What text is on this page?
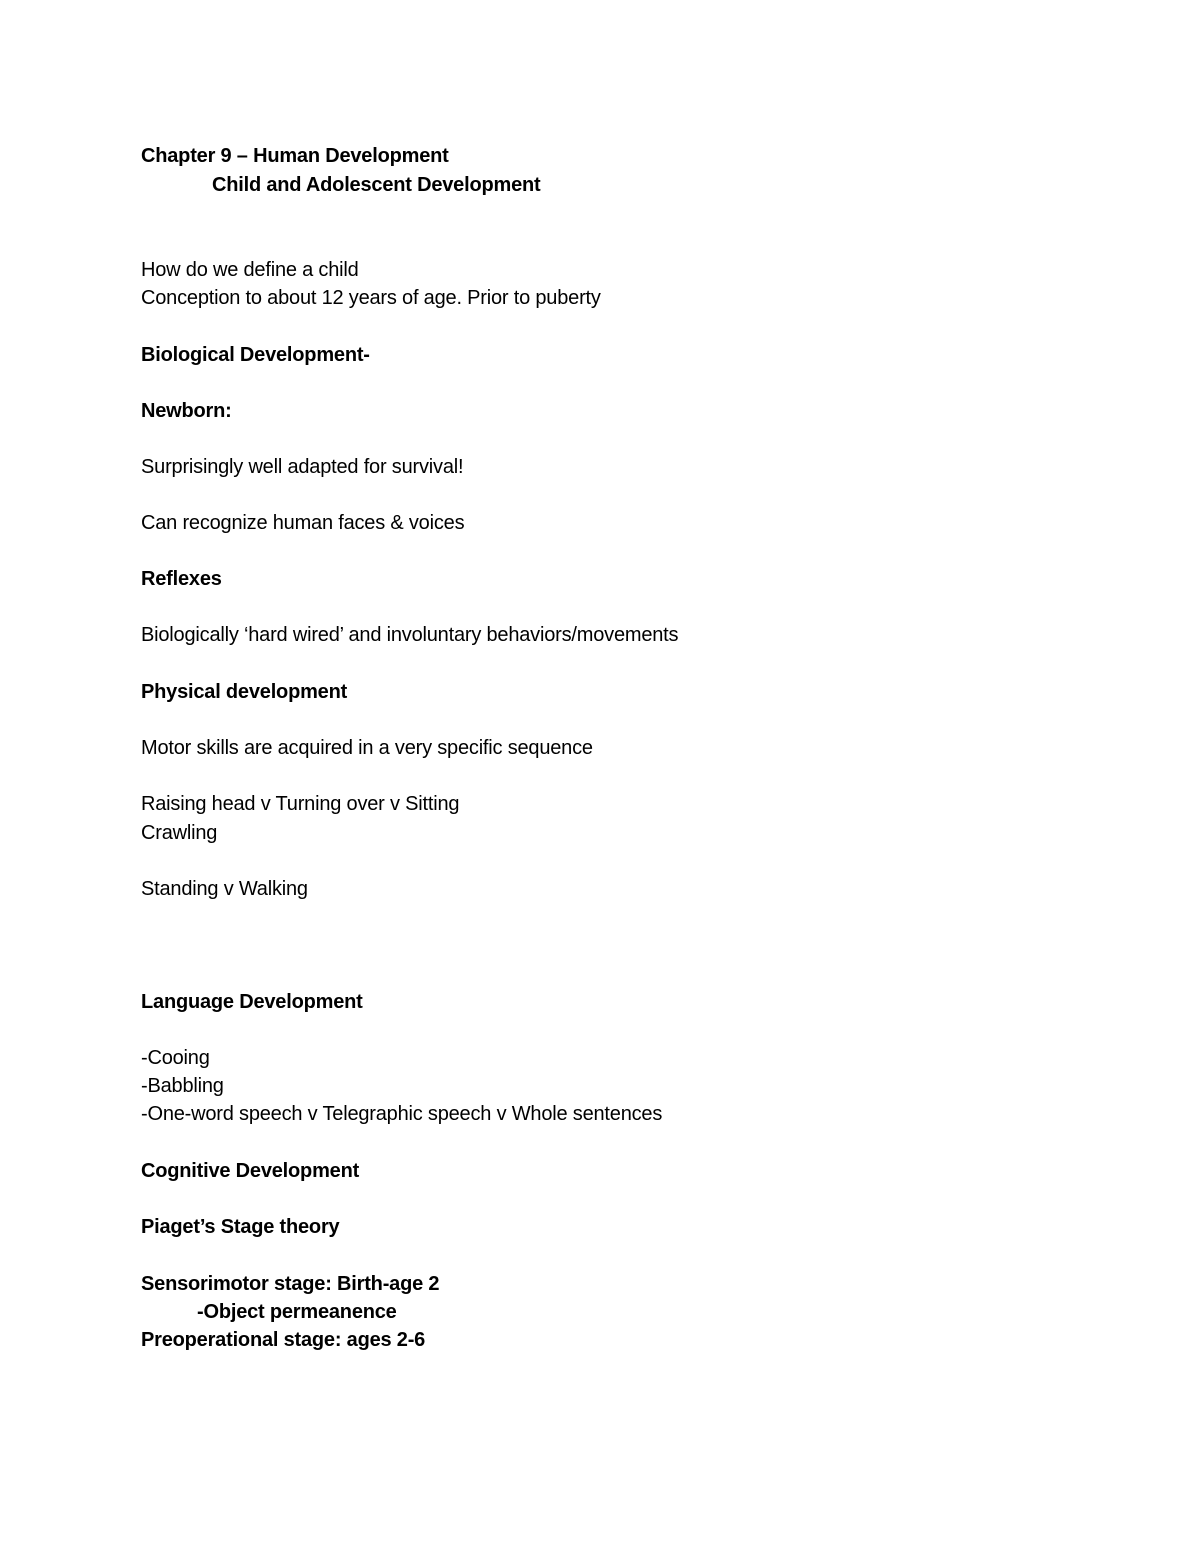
Chapter 9 – Human Development
Child and Adolescent Development
How do we define a child
Conception to about 12 years of age. Prior to puberty
Biological Development-
Newborn:
Surprisingly well adapted for survival!
Can recognize human faces & voices
Reflexes
Biologically ‘hard wired’ and involuntary behaviors/movements
Physical development
Motor skills are acquired in a very specific sequence
Raising head v Turning over v Sitting
Crawling
Standing v Walking
Language Development
-Cooing
-Babbling
-One-word speech v Telegraphic speech v Whole sentences
Cognitive Development
Piaget’s Stage theory
Sensorimotor stage: Birth-age 2
-Object permeanence
Preoperational stage: ages 2-6
